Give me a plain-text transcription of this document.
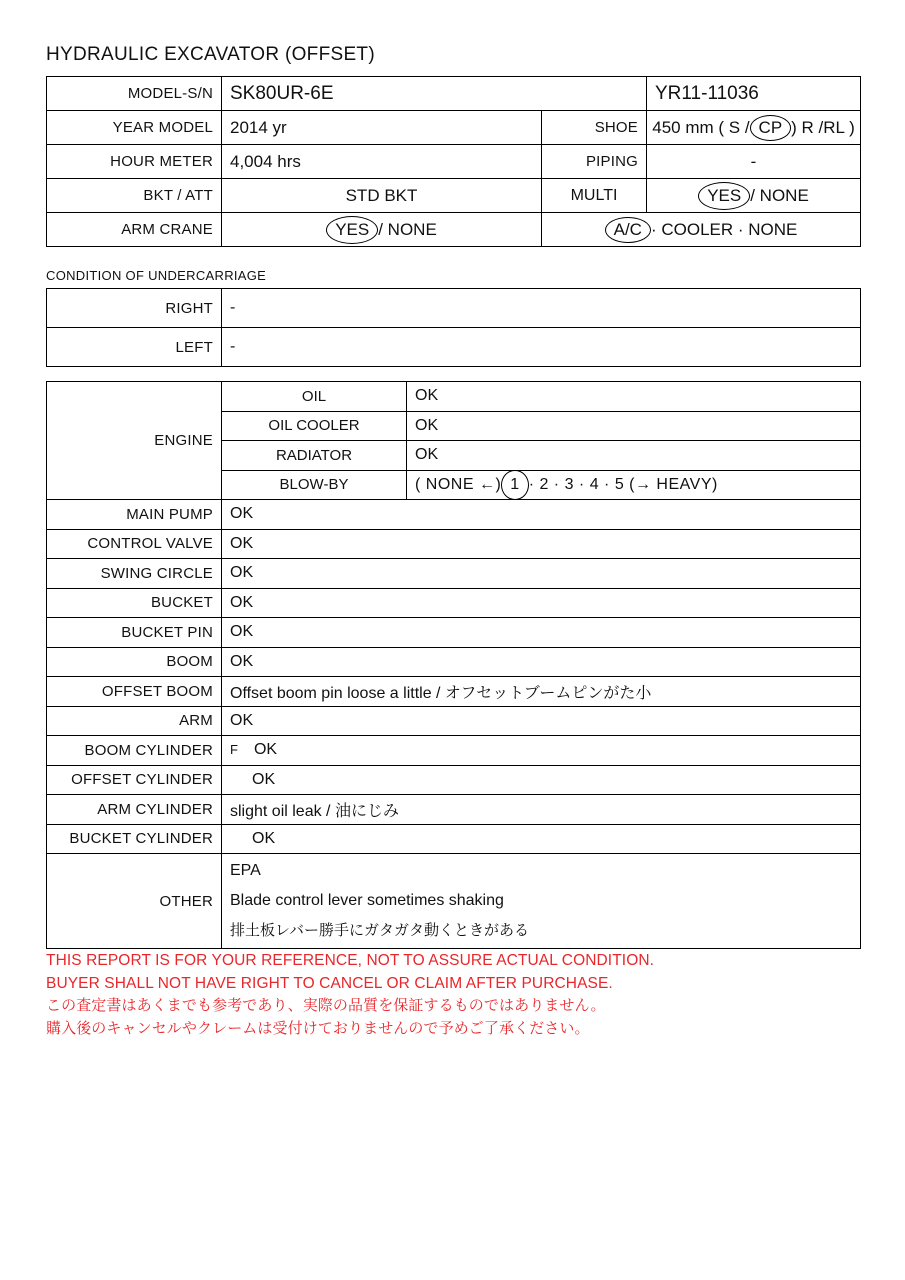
HYDRAULIC EXCAVATOR (OFFSET)
MODEL-S/N	SK80UR-6E		YR11-11036
YEAR MODEL	2014 yr	SHOE	450 mm ( S / CP ) R /RL )
HOUR METER	4,004 hrs	PIPING	-
BKT / ATT	STD BKT	MULTI	YES / NONE
ARM CRANE	YES / NONE	A/C · COOLER · NONE	
CONDITION OF UNDERCARRIAGE
RIGHT	-
LEFT	-
ENGINE	OIL	OK
	OIL COOLER	OK
	RADIATOR	OK
	BLOW-BY	( NONE ←) 1 · 2 · 3 · 4 · 5 (→ HEAVY)
MAIN PUMP	OK	
CONTROL VALVE	OK	
SWING CIRCLE	OK	
BUCKET	OK	
BUCKET PIN	OK	
BOOM	OK	
OFFSET BOOM	Offset boom pin loose a little / オフセットブームピンがた小	
ARM	OK	
BOOM CYLINDER	F OK	
OFFSET CYLINDER	OK	
ARM CYLINDER	slight oil leak / 油にじみ	
BUCKET CYLINDER	OK	
OTHER	EPA
Blade control lever sometimes shaking
排土板レバー勝手にガタガタ動くときがある	
THIS REPORT IS FOR YOUR REFERENCE, NOT TO ASSURE ACTUAL CONDITION.
BUYER SHALL NOT HAVE RIGHT TO CANCEL OR CLAIM AFTER PURCHASE.
この査定書はあくまでも参考であり、実際の品質を保証するものではありません。
購入後のキャンセルやクレームは受付けておりませんので予めご了承ください。
